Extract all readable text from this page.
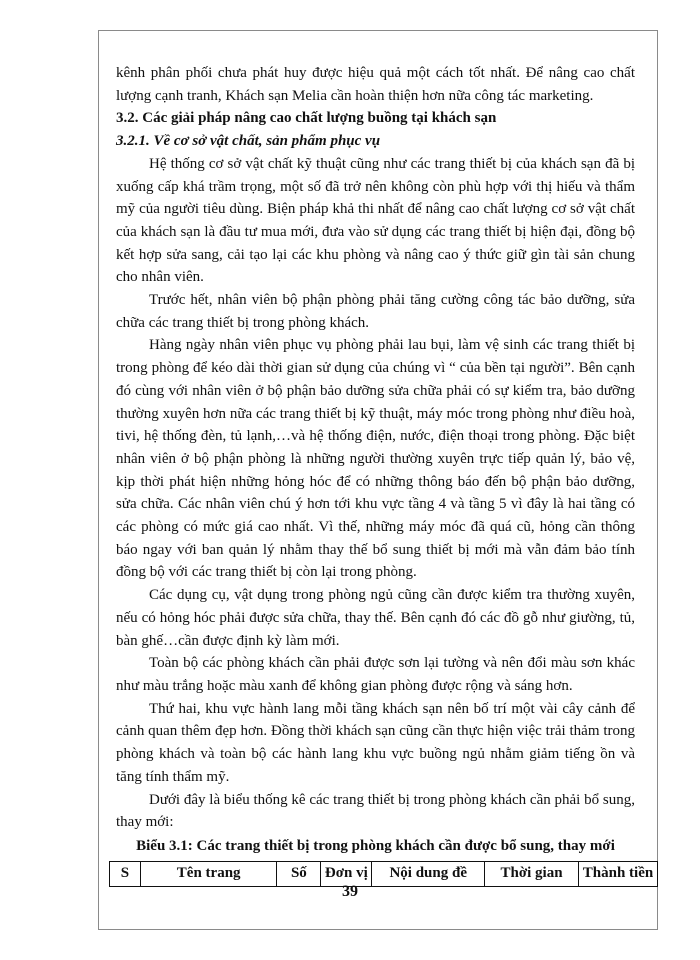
kênh phân phối chưa phát huy được hiệu quả một cách tốt nhất. Để nâng cao chất lượng cạnh tranh, Khách sạn Melia cần hoàn thiện hơn nữa công tác marketing.

3.2. Các giải pháp nâng cao chất lượng buồng tại khách sạn

3.2.1. Về cơ sở vật chất, sản phẩm phục vụ

Hệ thống cơ sở vật chất kỹ thuật cũng như các trang thiết bị của khách sạn đã bị xuống cấp khá trầm trọng, một số đã trở nên không còn phù hợp với thị hiếu và thẩm mỹ của người tiêu dùng. Biện pháp khả thi nhất để nâng cao chất lượng cơ sở vật chất của khách sạn là đầu tư mua mới, đưa vào sử dụng các trang thiết bị hiện đại, đồng bộ kết hợp sửa sang, cải tạo lại các khu phòng và nâng cao ý thức giữ gìn tài sản chung cho nhân viên.

Trước hết, nhân viên bộ phận phòng phải tăng cường công tác bảo dưỡng, sửa chữa các trang thiết bị trong phòng khách.

Hàng ngày nhân viên phục vụ phòng phải lau bụi, làm vệ sinh các trang thiết bị trong phòng để kéo dài thời gian sử dụng của chúng vì “ của bền tại người”. Bên cạnh đó cùng với nhân viên ở bộ phận bảo dưỡng sửa chữa phải có sự kiểm tra, bảo dưỡng thường xuyên hơn nữa các trang thiết bị kỹ thuật, máy móc trong phòng như điều hoà, tivi, hệ thống đèn, tủ lạnh,…và hệ thống điện, nước, điện thoại trong phòng. Đặc biệt nhân viên ở bộ phận phòng là những người thường xuyên trực tiếp quản lý, bảo vệ, kịp thời phát hiện những hỏng hóc để có những thông báo đến bộ phận bảo dưỡng, sửa chữa. Các nhân viên chú ý hơn tới khu vực tầng 4 và tầng 5 vì đây là hai tầng có các phòng có mức giá cao nhất. Vì thế, những máy móc đã quá cũ, hỏng cần thông báo ngay với ban quản lý nhằm thay thế bổ sung thiết bị mới mà vẫn đảm bảo tính đồng bộ với các trang thiết bị còn lại trong phòng.

Các dụng cụ, vật dụng trong phòng ngủ cũng cần được kiểm tra thường xuyên, nếu có hỏng hóc phải được sửa chữa, thay thế. Bên cạnh đó các đồ gỗ như giường, tủ, bàn ghế…cần được định kỳ làm mới.

Toàn bộ các phòng khách cần phải được sơn lại tường và nên đổi màu sơn khác như màu trắng hoặc màu xanh để không gian phòng được rộng và sáng hơn.

Thứ hai, khu vực hành lang mỗi tầng khách sạn nên bố trí một vài cây cảnh để cảnh quan thêm đẹp hơn. Đồng thời khách sạn cũng cần thực hiện việc trải thảm trong phòng khách và toàn bộ các hành lang khu vực buồng ngủ nhằm giảm tiếng ồn và tăng tính thẩm mỹ.

Dưới đây là biểu thống kê các trang thiết bị trong phòng khách cần phải bổ sung, thay mới:

Biểu 3.1: Các trang thiết bị trong phòng khách cần được bổ sung, thay mới

S	Tên trang	Số	Đơn vị	Nội dung đề	Thời gian	Thành tiền
39
